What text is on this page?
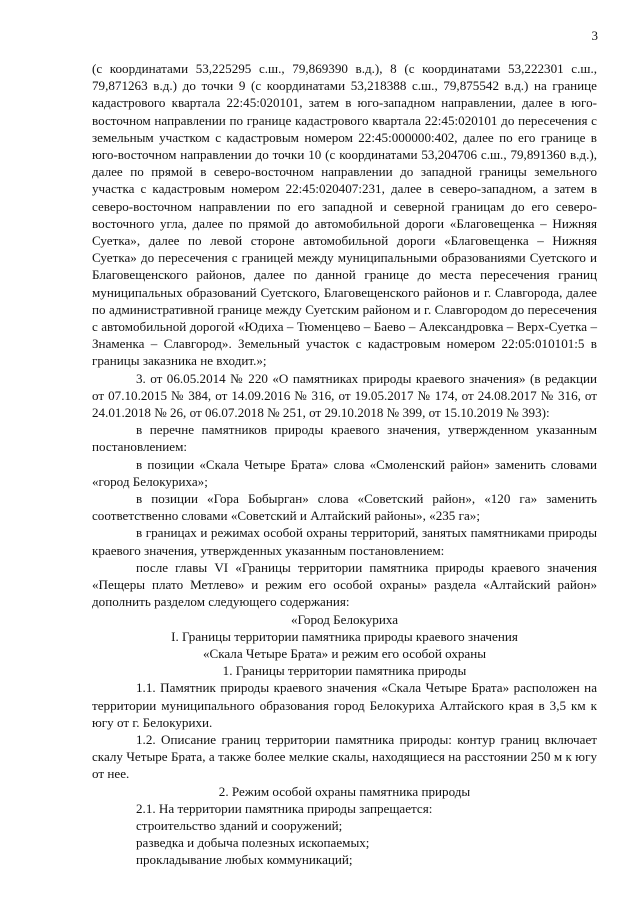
3

(с координатами 53,225295 с.ш., 79,869390 в.д.), 8 (с координатами 53,222301 с.ш., 79,871263 в.д.) до точки 9 (с координатами 53,218388 с.ш., 79,875542 в.д.) на границе кадастрового квартала 22:45:020101, затем в юго-западном направлении, далее в юго-восточном направлении по границе кадастрового квартала 22:45:020101 до пересечения с земельным участком с кадастровым номером 22:45:000000:402, далее по его границе в юго-восточном направлении до точки 10 (с координатами 53,204706 с.ш., 79,891360 в.д.), далее по прямой в северо-восточном направлении до западной границы земельного участка с кадастровым номером 22:45:020407:231, далее в северо-западном, а затем в северо-восточном направлении по его западной и северной границам до его северо-восточного угла, далее по прямой до автомобильной дороги «Благовещенка – Нижняя Суетка», далее по левой стороне автомобильной дороги «Благовещенка – Нижняя Суетка» до пересечения с границей между муниципальными образованиями Суетского и Благовещенского районов, далее по данной границе до места пересечения границ муниципальных образований Суетского, Благовещенского районов и г. Славгорода, далее по административной границе между Суетским районом и г. Славгородом до пересечения с автомобильной дорогой «Юдиха – Тюменцево – Баево – Александровка – Верх-Суетка – Знаменка – Славгород». Земельный участок с кадастровым номером 22:05:010101:5 в границы заказника не входит.»;

3. от 06.05.2014 № 220 «О памятниках природы краевого значения» (в редакции от 07.10.2015 № 384, от 14.09.2016 № 316, от 19.05.2017 № 174, от 24.08.2017 № 316, от 24.01.2018 № 26, от 06.07.2018 № 251, от 29.10.2018 № 399, от 15.10.2019 № 393):

в перечне памятников природы краевого значения, утвержденном указанным постановлением:

в позиции «Скала Четыре Брата» слова «Смоленский район» заменить словами «город Белокуриха»;

в позиции «Гора Бобырган» слова «Советский район», «120 га» заменить соответственно словами «Советский и Алтайский районы», «235 га»;

в границах и режимах особой охраны территорий, занятых памятниками природы краевого значения, утвержденных указанным постановлением:

после главы VI «Границы территории памятника природы краевого значения «Пещеры плато Метлево» и режим его особой охраны» раздела «Алтайский район» дополнить разделом следующего содержания:

«Город Белокуриха

I. Границы территории памятника природы краевого значения

«Скала Четыре Брата» и режим его особой охраны

1. Границы территории памятника природы

1.1. Памятник природы краевого значения «Скала Четыре Брата» расположен на территории муниципального образования город Белокуриха Алтайского края в 3,5 км к югу от г. Белокурихи.

1.2. Описание границ территории памятника природы: контур границ включает скалу Четыре Брата, а также более мелкие скалы, находящиеся на расстоянии 250 м к югу от нее.

2. Режим особой охраны памятника природы

2.1. На территории памятника природы запрещается:

строительство зданий и сооружений;

разведка и добыча полезных ископаемых;

прокладывание любых коммуникаций;
